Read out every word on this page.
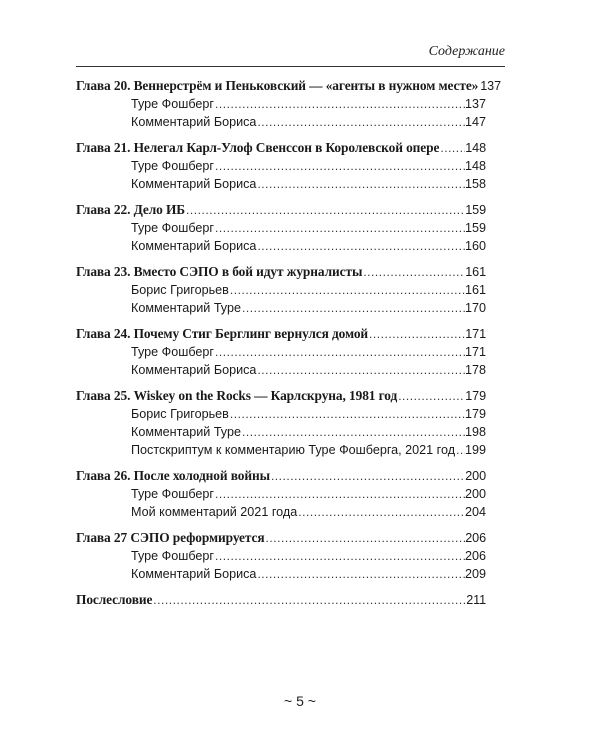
Содержание
Глава 20. Веннерстрём и Пеньковский — «агенты в нужном месте» . . . 137
Туре Фошберг . . .	137
Комментарий Бориса . . .	147
Глава 21. Нелегал Карл-Улоф Свенссон в Королевской опере . . . 148
Туре Фошберг . . .	148
Комментарий Бориса . . .	158
Глава 22. Дело ИБ . . .	159
Туре Фошберг . . .	159
Комментарий Бориса . . .	160
Глава 23. Вместо СЭПО в бой идут журналисты . . .	161
Борис Григорьев . . .	161
Комментарий Туре . . .	170
Глава 24. Почему Стиг Берглинг вернулся домой . . .	171
Туре Фошберг . . .	171
Комментарий Бориса . . .	178
Глава 25. Wiskey on the Rocks — Карлскруна, 1981 год . . .	179
Борис Григорьев . . .	179
Комментарий Туре . . .	198
Постскриптум к комментарию Туре Фошберга, 2021 год . . . 199
Глава 26. После холодной войны . . .	200
Туре Фошберг . . .	200
Мой комментарий 2021 года . . .	204
Глава 27 СЭПО реформируется . . .	206
Туре Фошберг . . .	206
Комментарий Бориса . . .	209
Послесловие . . .	211
~ 5 ~
